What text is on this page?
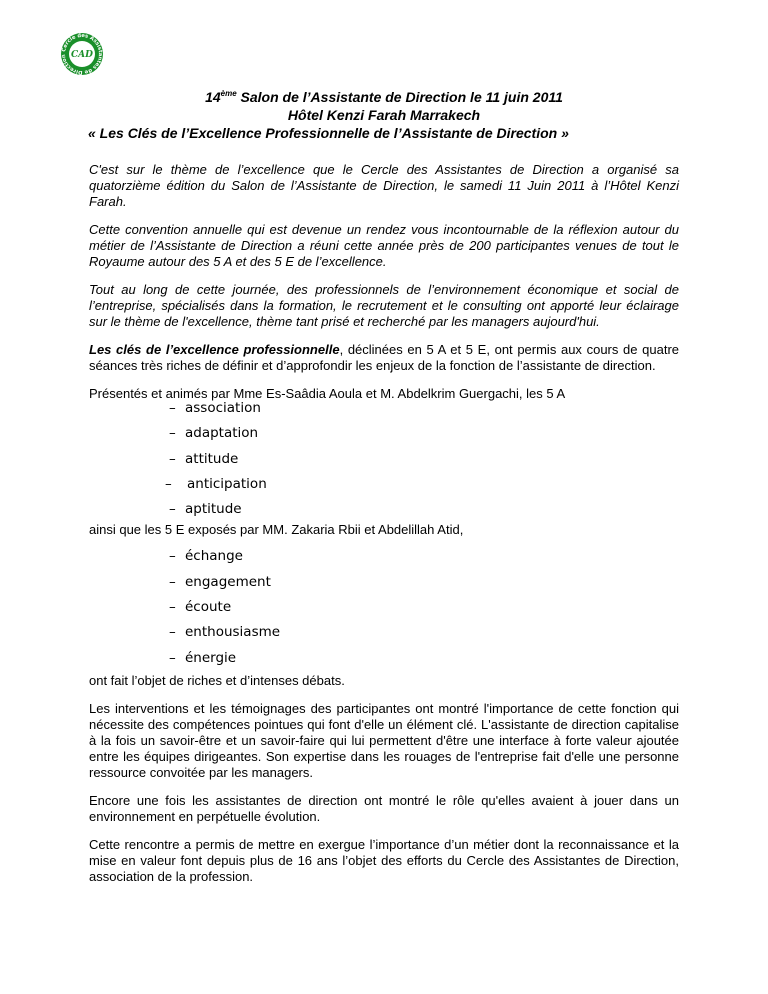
Cercle des Assistantes de Direction CAD
14ème Salon de l’Assistante de Direction le 11 juin 2011
Hôtel Kenzi Farah Marrakech
« Les Clés de l’Excellence Professionnelle de l’Assistante de Direction »

C'est sur le thème de l’excellence que le Cercle des Assistantes de Direction a organisé sa quatorzième édition du Salon de l’Assistante de Direction, le samedi 11 Juin 2011 à l’Hôtel Kenzi Farah.

Cette convention annuelle qui est devenue un rendez vous incontournable de la réflexion autour du métier de l’Assistante de Direction a réuni cette année près de 200 participantes venues de tout le Royaume autour des 5 A et des 5 E de l’excellence.

Tout au long de cette journée, des professionnels de l’environnement économique et social de l’entreprise, spécialisés dans la formation, le recrutement et le consulting ont apporté leur éclairage sur le thème de l'excellence, thème tant prisé et recherché par les managers aujourd'hui.

Les clés de l’excellence professionnelle, déclinées en 5 A et 5 E, ont permis aux cours de quatre séances très riches de définir et d’approfondir les enjeux de la fonction de l’assistante de direction.

Présentés et animés par Mme Es-Saâdia Aoula et M. Abdelkrim Guergachi, les 5 A

– association
– adaptation
– attitude
– anticipation
– aptitude

ainsi que les 5 E exposés par MM. Zakaria Rbii et Abdelillah Atid,

– échange
– engagement
– écoute
– enthousiasme
– énergie

ont fait l’objet de riches et d’intenses débats.

Les interventions et les témoignages des participantes ont montré l'importance de cette fonction qui nécessite des compétences pointues qui font d'elle un élément clé. L'assistante de direction capitalise à la fois un savoir-être et un savoir-faire qui lui permettent d'être une interface à forte valeur ajoutée entre les équipes dirigeantes. Son expertise dans les rouages de l'entreprise fait d'elle une personne ressource convoitée par les managers.

Encore une fois les assistantes de direction ont montré le rôle qu'elles avaient à jouer dans un environnement en perpétuelle évolution.

Cette rencontre a permis de mettre en exergue l’importance d’un métier dont la reconnaissance et la mise en valeur font depuis plus de 16 ans l’objet des efforts du Cercle des Assistantes de Direction, association de la profession.
